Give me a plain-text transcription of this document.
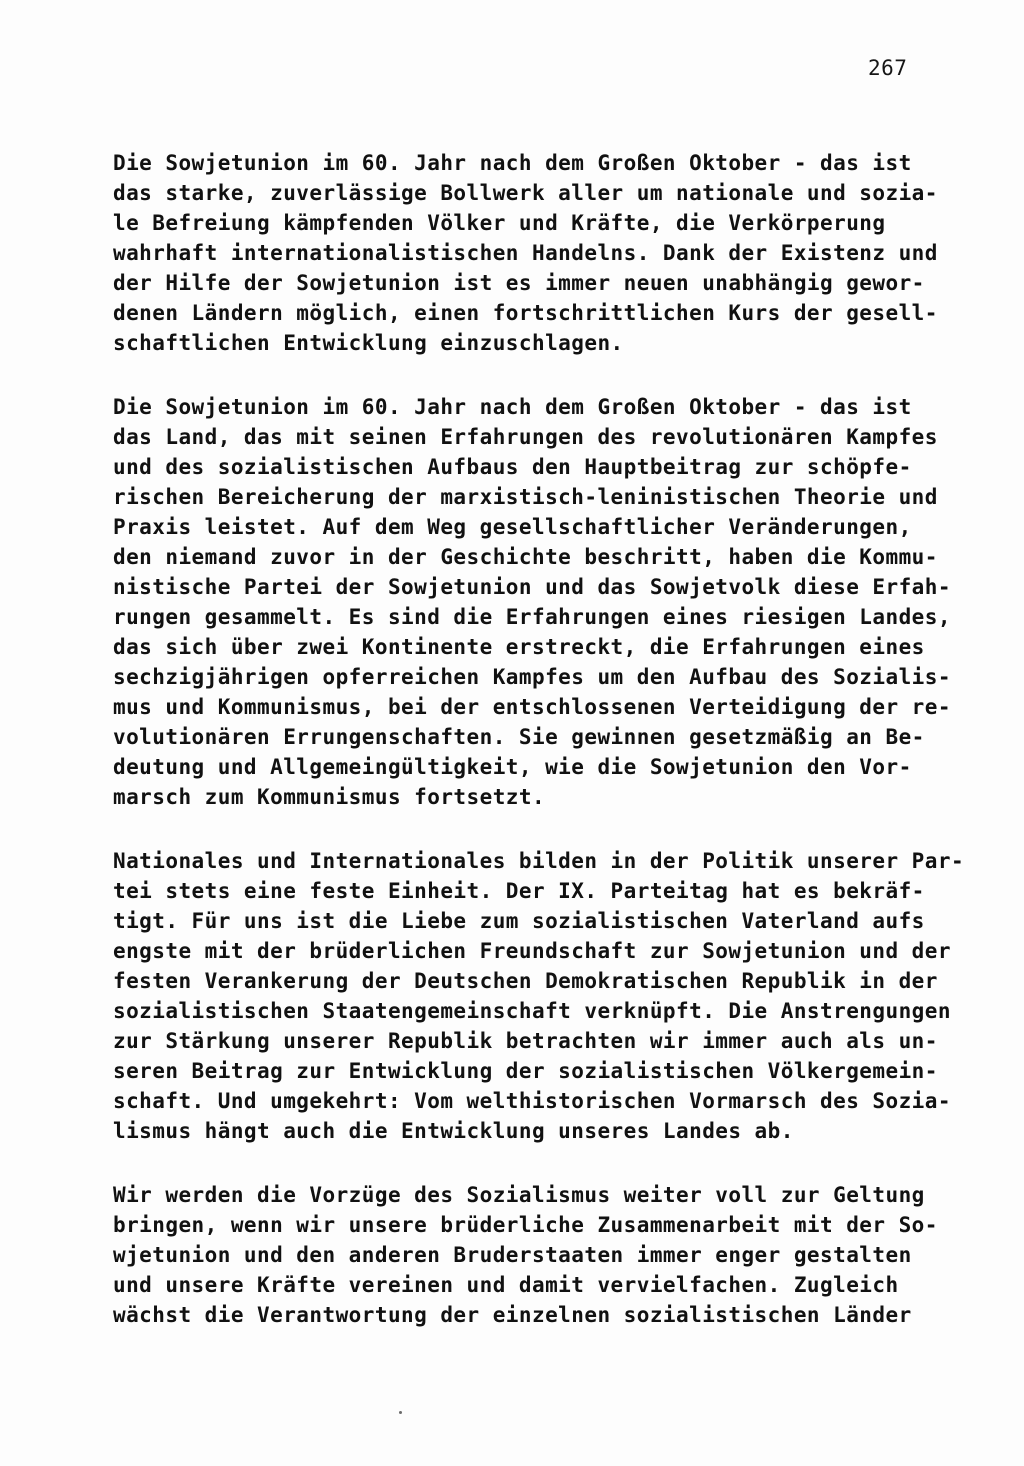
267
Die Sowjetunion im 60. Jahr nach dem Großen Oktober - das ist
das starke, zuverlässige Bollwerk aller um nationale und sozia-
le Befreiung kämpfenden Völker und Kräfte, die Verkörperung
wahrhaft internationalistischen Handelns. Dank der Existenz und
der Hilfe der Sowjetunion ist es immer neuen unabhängig gewor-
denen Ländern möglich, einen fortschrittlichen Kurs der gesell-
schaftlichen Entwicklung einzuschlagen.
Die Sowjetunion im 60. Jahr nach dem Großen Oktober - das ist
das Land, das mit seinen Erfahrungen des revolutionären Kampfes
und des sozialistischen Aufbaus den Hauptbeitrag zur schöpfe-
rischen Bereicherung der marxistisch-leninistischen Theorie und
Praxis leistet. Auf dem Weg gesellschaftlicher Veränderungen,
den niemand zuvor in der Geschichte beschritt, haben die Kommu-
nistische Partei der Sowjetunion und das Sowjetvolk diese Erfah-
rungen gesammelt. Es sind die Erfahrungen eines riesigen Landes,
das sich über zwei Kontinente erstreckt, die Erfahrungen eines
sechzigjährigen opferreichen Kampfes um den Aufbau des Sozialis-
mus und Kommunismus, bei der entschlossenen Verteidigung der re-
volutionären Errungenschaften. Sie gewinnen gesetzmäßig an Be-
deutung und Allgemeingültigkeit, wie die Sowjetunion den Vor-
marsch zum Kommunismus fortsetzt.
Nationales und Internationales bilden in der Politik unserer Par-
tei stets eine feste Einheit. Der IX. Parteitag hat es bekräf-
tigt. Für uns ist die Liebe zum sozialistischen Vaterland aufs
engste mit der brüderlichen Freundschaft zur Sowjetunion und der
festen Verankerung der Deutschen Demokratischen Republik in der
sozialistischen Staatengemeinschaft verknüpft. Die Anstrengungen
zur Stärkung unserer Republik betrachten wir immer auch als un-
seren Beitrag zur Entwicklung der sozialistischen Völkergemein-
schaft. Und umgekehrt: Vom welthistorischen Vormarsch des Sozia-
lismus hängt auch die Entwicklung unseres Landes ab.
Wir werden die Vorzüge des Sozialismus weiter voll zur Geltung
bringen, wenn wir unsere brüderliche Zusammenarbeit mit der So-
wjetunion und den anderen Bruderstaaten immer enger gestalten
und unsere Kräfte vereinen und damit vervielfachen. Zugleich
wächst die Verantwortung der einzelnen sozialistischen Länder
